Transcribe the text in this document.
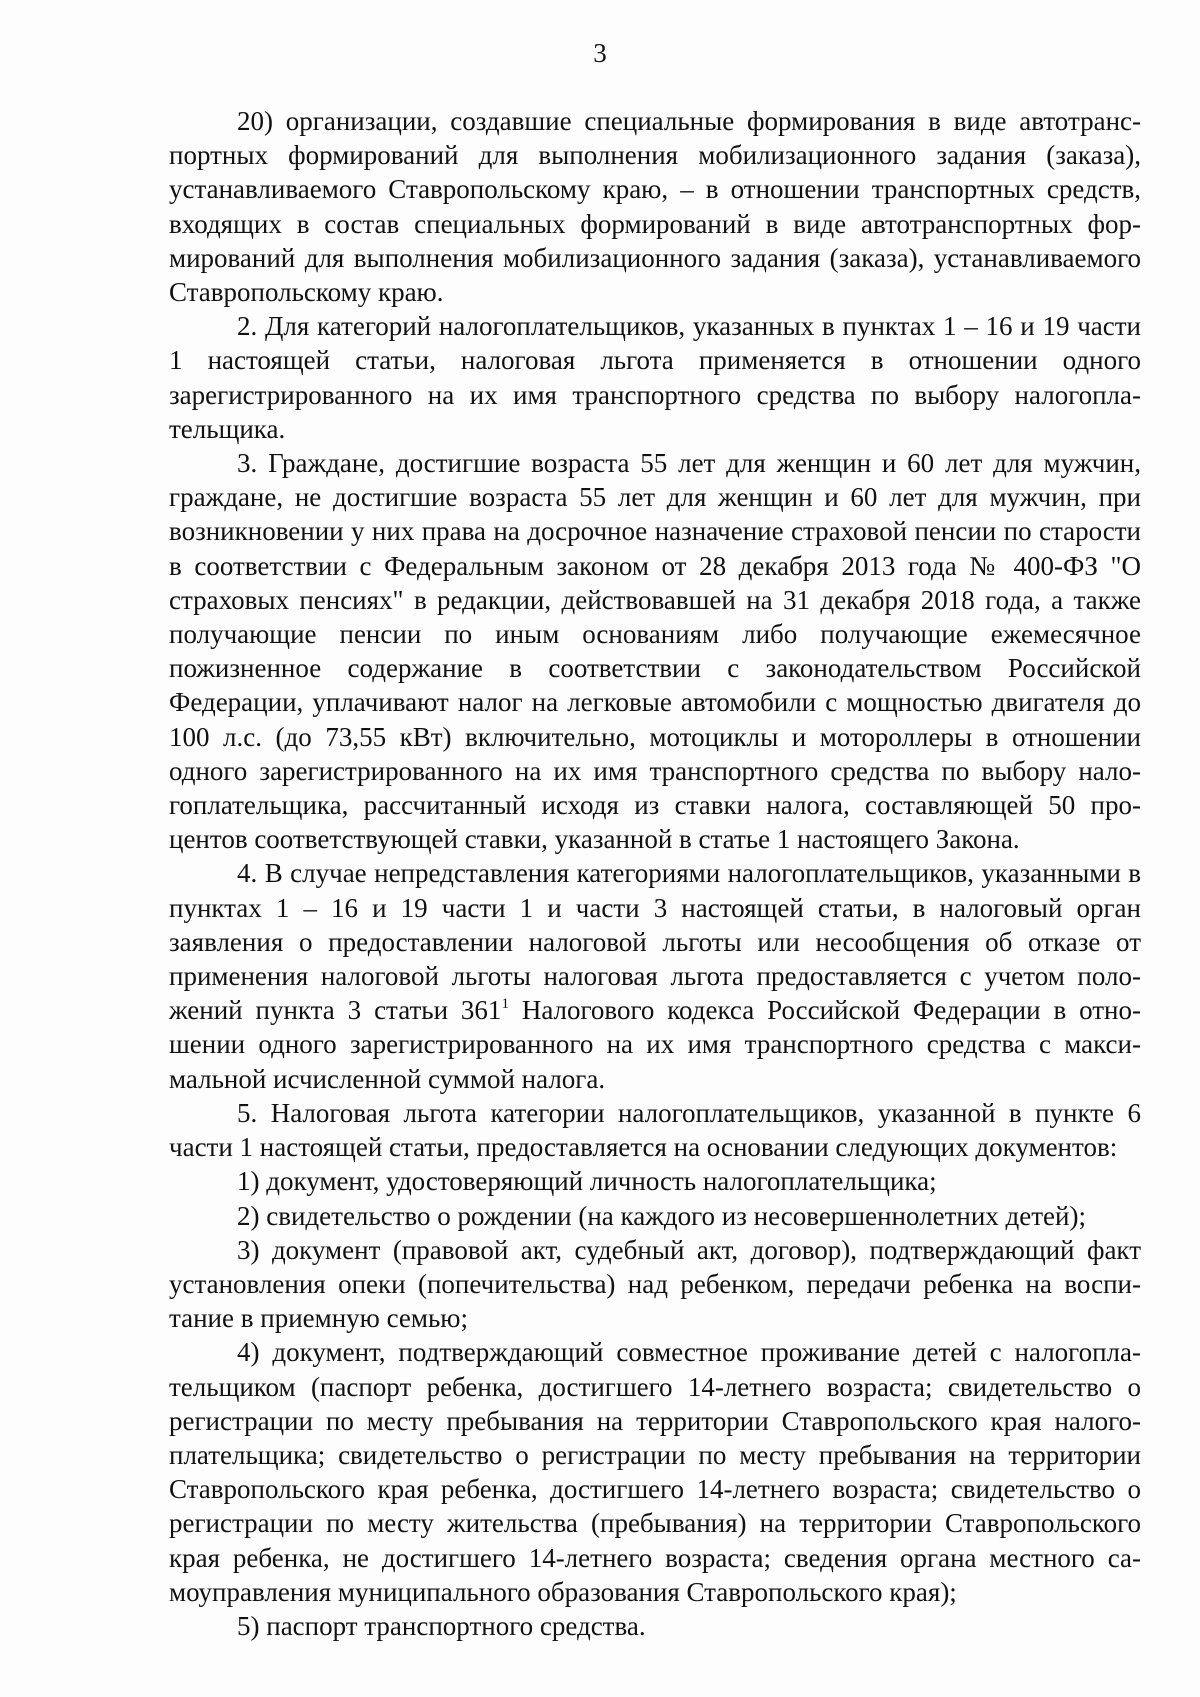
3

20) организации, создавшие специальные формирования в виде автотранспортных формирований для выполнения мобилизационного задания (заказа), устанавливаемого Ставропольскому краю, – в отношении транспортных средств, входящих в состав специальных формирований в виде автотранспортных формирований для выполнения мобилизационного задания (заказа), устанавливаемого Ставропольскому краю.

2. Для категорий налогоплательщиков, указанных в пунктах 1 – 16 и 19 части 1 настоящей статьи, налоговая льгота применяется в отношении одного зарегистрированного на их имя транспортного средства по выбору налогоплательщика.

3. Граждане, достигшие возраста 55 лет для женщин и 60 лет для мужчин, граждане, не достигшие возраста 55 лет для женщин и 60 лет для мужчин, при возникновении у них права на досрочное назначение страховой пенсии по старости в соответствии с Федеральным законом от 28 декабря 2013 года № 400-ФЗ "О страховых пенсиях" в редакции, действовавшей на 31 декабря 2018 года, а также получающие пенсии по иным основаниям либо получающие ежемесячное пожизненное содержание в соответствии с законодательством Российской Федерации, уплачивают налог на легковые автомобили с мощностью двигателя до 100 л.с. (до 73,55 кВт) включительно, мотоциклы и мотороллеры в отношении одного зарегистрированного на их имя транспортного средства по выбору налогоплательщика, рассчитанный исходя из ставки налога, составляющей 50 процентов соответствующей ставки, указанной в статье 1 настоящего Закона.

4. В случае непредставления категориями налогоплательщиков, указанными в пунктах 1 – 16 и 19 части 1 и части 3 настоящей статьи, в налоговый орган заявления о предоставлении налоговой льготы или несообщения об отказе от применения налоговой льготы налоговая льгота предоставляется с учетом положений пункта 3 статьи $361^1$ Налогового кодекса Российской Федерации в отношении одного зарегистрированного на их имя транспортного средства с максимальной исчисленной суммой налога.

5. Налоговая льгота категории налогоплательщиков, указанной в пункте 6 части 1 настоящей статьи, предоставляется на основании следующих документов:

1) документ, удостоверяющий личность налогоплательщика;

2) свидетельство о рождении (на каждого из несовершеннолетних детей);

3) документ (правовой акт, судебный акт, договор), подтверждающий факт установления опеки (попечительства) над ребенком, передачи ребенка на воспитание в приемную семью;

4) документ, подтверждающий совместное проживание детей с налогоплательщиком (паспорт ребенка, достигшего 14-летнего возраста; свидетельство о регистрации по месту пребывания на территории Ставропольского края налогоплательщика; свидетельство о регистрации по месту пребывания на территории Ставропольского края ребенка, достигшего 14-летнего возраста; свидетельство о регистрации по месту жительства (пребывания) на территории Ставропольского края ребенка, не достигшего 14-летнего возраста; сведения органа местного самоуправления муниципального образования Ставропольского края);

5) паспорт транспортного средства.
